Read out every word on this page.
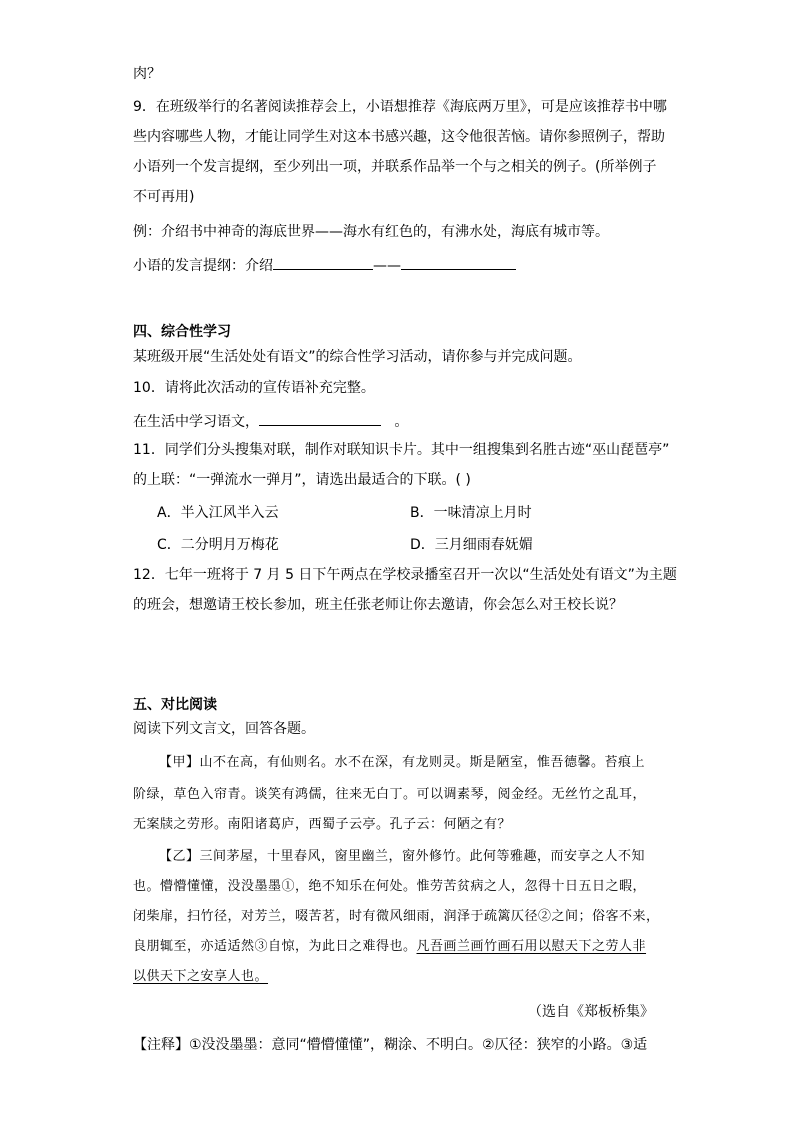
肉？
9．在班级举行的名著阅读推荐会上，小语想推荐《海底两万里》，可是应该推荐书中哪
些内容哪些人物，才能让同学生对这本书感兴趣，这令他很苦恼。请你参照例子，帮助
小语列一个发言提纲，至少列出一项，并联系作品举一个与之相关的例子。(所举例子
不可再用)
例：介绍书中神奇的海底世界——海水有红色的，有沸水处，海底有城市等。
小语的发言提纲：介绍	——
四、综合性学习
某班级开展“生活处处有语文”的综合性学习活动，请你参与并完成问题。
10．请将此次活动的宣传语补充完整。
在生活中学习语文，	。
11．同学们分头搜集对联，制作对联知识卡片。其中一组搜集到名胜古迹“巫山琵琶亭”
的上联：“一弹流水一弹月”，请选出最适合的下联。( )
A．半入江风半入云	B．一味清凉上月时
C．二分明月万梅花	D．三月细雨春妩媚
12．七年一班将于 7 月 5 日下午两点在学校录播室召开一次以“生活处处有语文”为主题
的班会，想邀请王校长参加，班主任张老师让你去邀请，你会怎么对王校长说？
五、对比阅读
阅读下列文言文，回答各题。
【甲】山不在高，有仙则名。水不在深，有龙则灵。斯是陋室，惟吾德馨。苔痕上
阶绿，草色入帘青。谈笑有鸿儒，往来无白丁。可以调素琴，阅金经。无丝竹之乱耳，
无案牍之劳形。南阳诸葛庐，西蜀子云亭。孔子云：何陋之有？
【乙】三间茅屋，十里春风，窗里幽兰，窗外修竹。此何等雅趣，而安享之人不知
也。懵懵懂懂，没没墨墨①，绝不知乐在何处。惟劳苦贫病之人，忽得十日五日之暇，
闭柴扉，扫竹径，对芳兰，啜苦茗，时有微风细雨，润泽于疏篱仄径②之间；俗客不来，
良朋辄至，亦适适然③自惊，为此日之难得也。凡吾画兰画竹画石用以慰天下之劳人非
以供天下之安享人也。
（选自《郑板桥集》
【注释】①没没墨墨：意同“懵懵懂懂”，糊涂、不明白。②仄径：狭窄的小路。③适
